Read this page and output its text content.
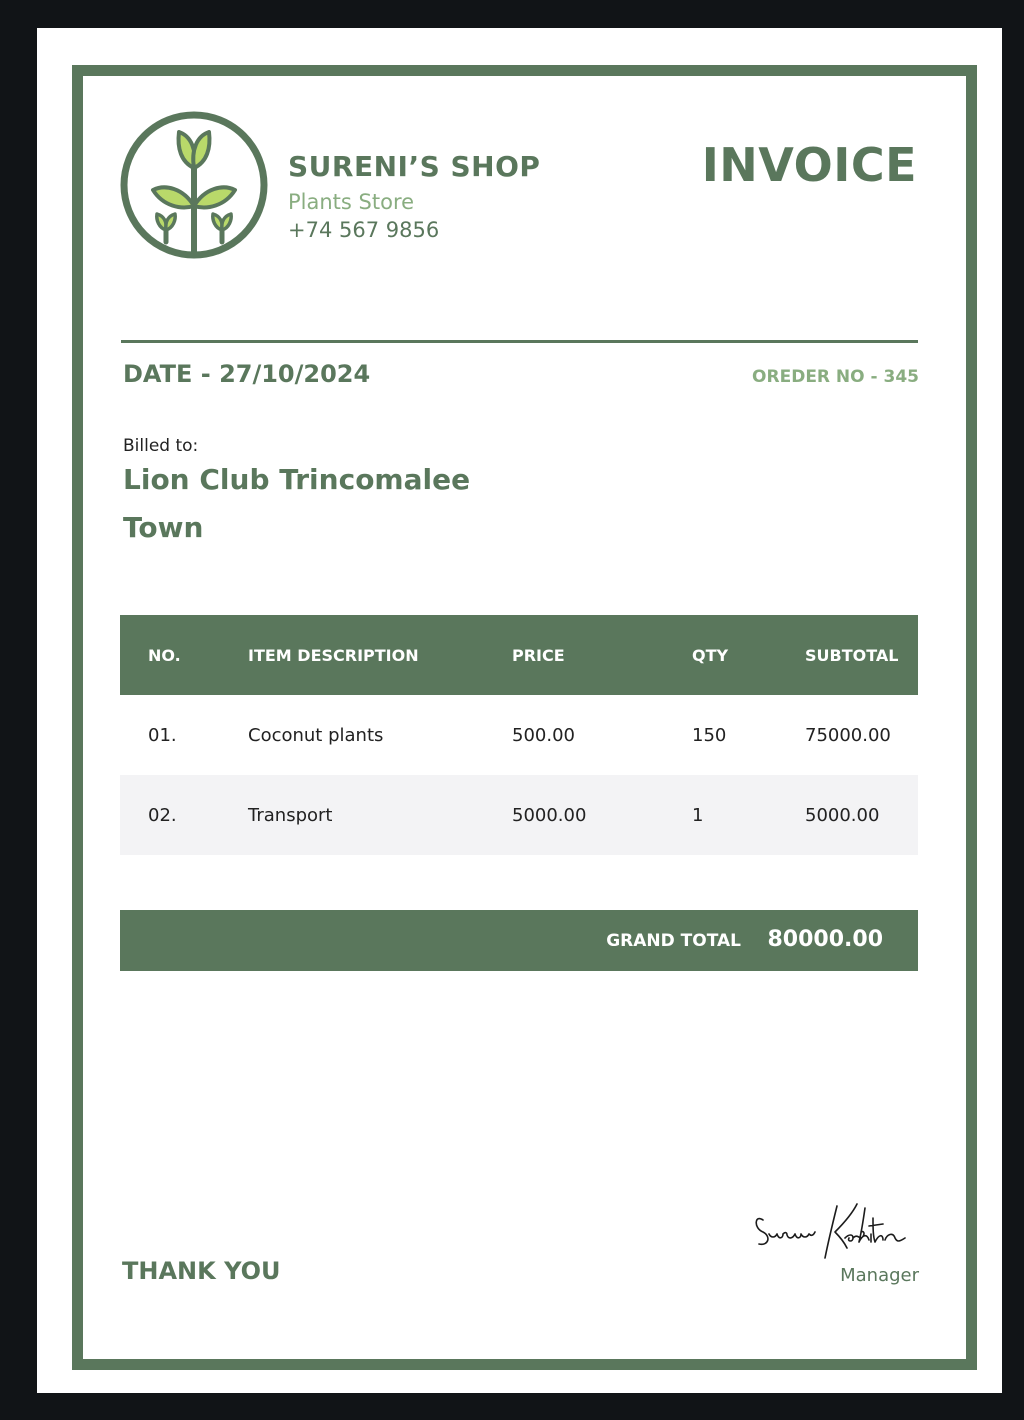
SURENI’S SHOP
Plants Store
+74 567 9856
INVOICE
DATE - 27/10/2024	OREDER NO - 345
Billed to:
Lion Club Trincomalee Town
NO.	ITEM DESCRIPTION	PRICE	QTY	SUBTOTAL
01.	Coconut plants	500.00	150	75000.00
02.	Transport	5000.00	1	5000.00
GRAND TOTAL 80000.00
THANK YOU	Manager
